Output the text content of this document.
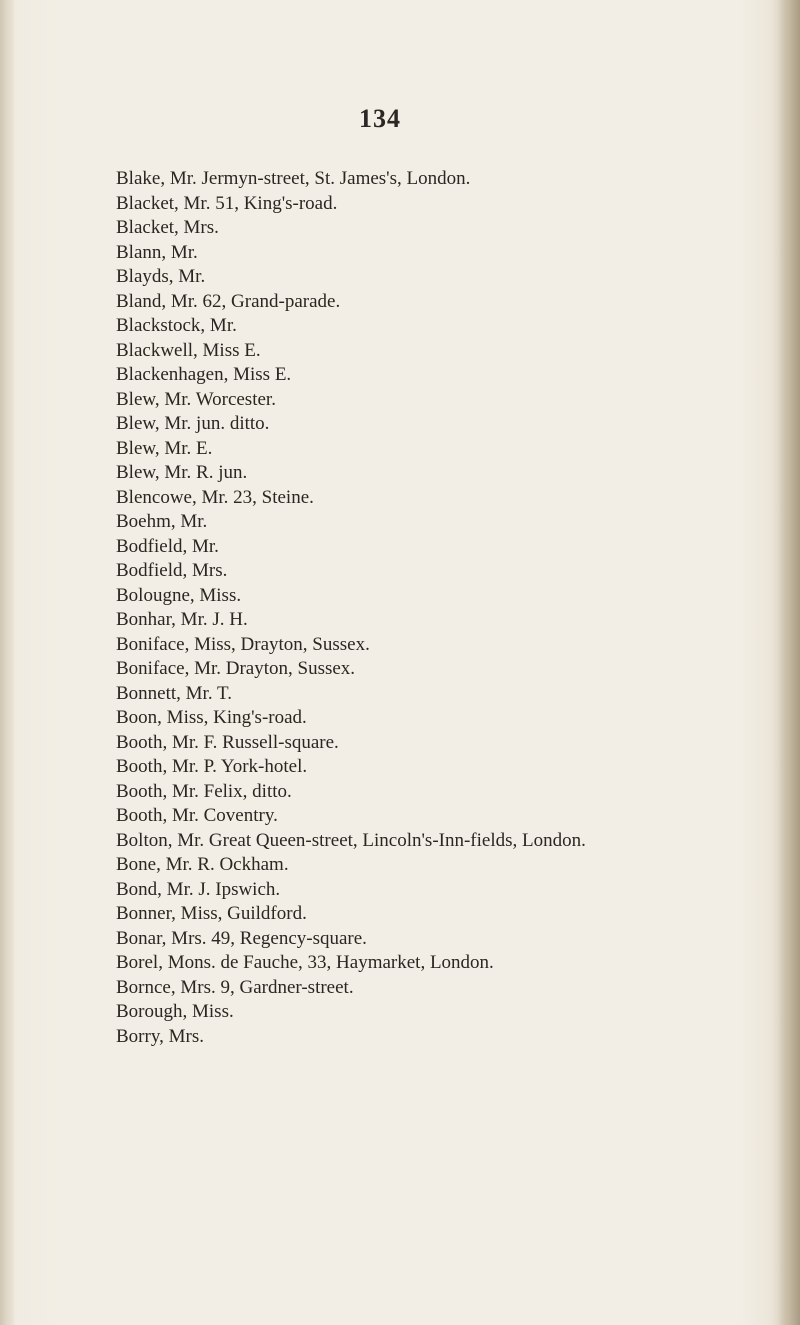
134
Blake, Mr. Jermyn-street, St. James's, London.
Blacket, Mr. 51, King's-road.
Blacket, Mrs.
Blann, Mr.
Blayds, Mr.
Bland, Mr. 62, Grand-parade.
Blackstock, Mr.
Blackwell, Miss E.
Blackenhagen, Miss E.
Blew, Mr. Worcester.
Blew, Mr. jun. ditto.
Blew, Mr. E.
Blew, Mr. R. jun.
Blencowe, Mr. 23, Steine.
Boehm, Mr.
Bodfield, Mr.
Bodfield, Mrs.
Bolougne, Miss.
Bonhar, Mr. J. H.
Boniface, Miss, Drayton, Sussex.
Boniface, Mr. Drayton, Sussex.
Bonnett, Mr. T.
Boon, Miss, King's-road.
Booth, Mr. F. Russell-square.
Booth, Mr. P. York-hotel.
Booth, Mr. Felix, ditto.
Booth, Mr. Coventry.
Bolton, Mr. Great Queen-street, Lincoln's-Inn-fields, London.
Bone, Mr. R. Ockham.
Bond, Mr. J. Ipswich.
Bonner, Miss, Guildford.
Bonar, Mrs. 49, Regency-square.
Borel, Mons. de Fauche, 33, Haymarket, London.
Bornce, Mrs. 9, Gardner-street.
Borough, Miss.
Borry, Mrs.
